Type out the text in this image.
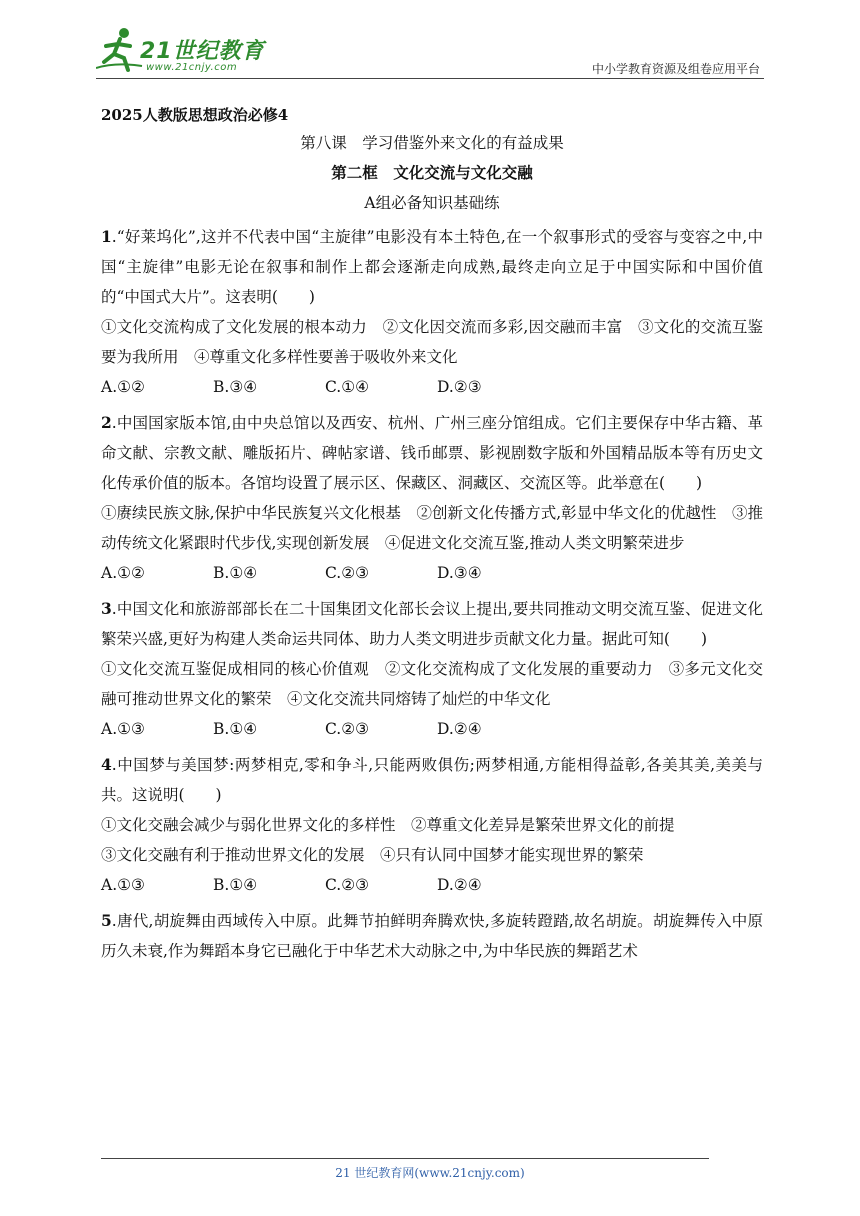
21世纪教育
www.21cnjy.com	中小学教育资源及组卷应用平台
2025人教版思想政治必修4
第八课　学习借鉴外来文化的有益成果
第二框　文化交流与文化交融
A组必备知识基础练
1.“好莱坞化”,这并不代表中国“主旋律”电影没有本土特色,在一个叙事形式的受容与变容之中,中国“主旋律”电影无论在叙事和制作上都会逐渐走向成熟,最终走向立足于中国实际和中国价值的“中国式大片”。这表明(　　)
①文化交流构成了文化发展的根本动力　②文化因交流而多彩,因交融而丰富　③文化的交流互鉴要为我所用　④尊重文化多样性要善于吸收外来文化
A.①②	B.③④	C.①④	D.②③
2.中国国家版本馆,由中央总馆以及西安、杭州、广州三座分馆组成。它们主要保存中华古籍、革命文献、宗教文献、雕版拓片、碑帖家谱、钱币邮票、影视剧数字版和外国精品版本等有历史文化传承价值的版本。各馆均设置了展示区、保藏区、洞藏区、交流区等。此举意在(　　)
①赓续民族文脉,保护中华民族复兴文化根基　②创新文化传播方式,彰显中华文化的优越性　③推动传统文化紧跟时代步伐,实现创新发展　④促进文化交流互鉴,推动人类文明繁荣进步
A.①②	B.①④	C.②③	D.③④
3.中国文化和旅游部部长在二十国集团文化部长会议上提出,要共同推动文明交流互鉴、促进文化繁荣兴盛,更好为构建人类命运共同体、助力人类文明进步贡献文化力量。据此可知(　　)
①文化交流互鉴促成相同的核心价值观　②文化交流构成了文化发展的重要动力　③多元文化交融可推动世界文化的繁荣　④文化交流共同熔铸了灿烂的中华文化
A.①③	B.①④	C.②③	D.②④
4.中国梦与美国梦:两梦相克,零和争斗,只能两败俱伤;两梦相通,方能相得益彰,各美其美,美美与共。这说明(　　)
①文化交融会减少与弱化世界文化的多样性　②尊重文化差异是繁荣世界文化的前提
③文化交融有利于推动世界文化的发展　④只有认同中国梦才能实现世界的繁荣
A.①③	B.①④	C.②③	D.②④
5.唐代,胡旋舞由西域传入中原。此舞节拍鲜明奔腾欢快,多旋转蹬踏,故名胡旋。胡旋舞传入中原历久未衰,作为舞蹈本身它已融化于中华艺术大动脉之中,为中华民族的舞蹈艺术
21 世纪教育网(www.21cnjy.com)
